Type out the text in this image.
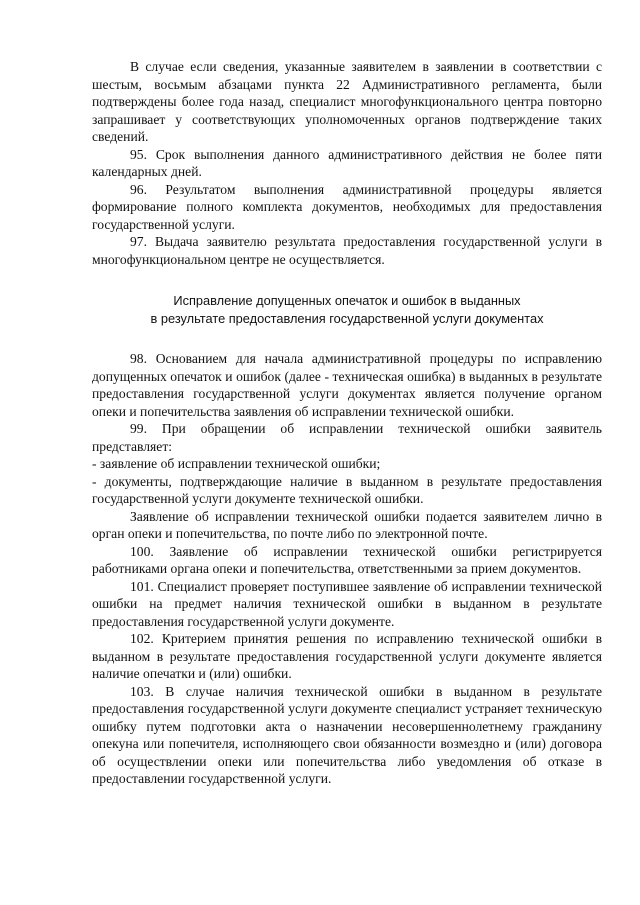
В случае если сведения, указанные заявителем в заявлении в соответствии с шестым, восьмым абзацами пункта 22 Административного регламента, были подтверждены более года назад, специалист многофункционального центра повторно запрашивает у соответствующих уполномоченных органов подтверждение таких сведений.

95. Срок выполнения данного административного действия не более пяти календарных дней.

96. Результатом выполнения административной процедуры является формирование полного комплекта документов, необходимых для предоставления государственной услуги.

97. Выдача заявителю результата предоставления государственной услуги в многофункциональном центре не осуществляется.

Исправление допущенных опечаток и ошибок в выданных
в результате предоставления государственной услуги документах

98. Основанием для начала административной процедуры по исправлению допущенных опечаток и ошибок (далее - техническая ошибка) в выданных в результате предоставления государственной услуги документах является получение органом опеки и попечительства заявления об исправлении технической ошибки.

99. При обращении об исправлении технической ошибки заявитель представляет:

- заявление об исправлении технической ошибки;

- документы, подтверждающие наличие в выданном в результате предоставления государственной услуги документе технической ошибки.

Заявление об исправлении технической ошибки подается заявителем лично в орган опеки и попечительства, по почте либо по электронной почте.

100. Заявление об исправлении технической ошибки регистрируется работниками органа опеки и попечительства, ответственными за прием документов.

101. Специалист проверяет поступившее заявление об исправлении технической ошибки на предмет наличия технической ошибки в выданном в результате предоставления государственной услуги документе.

102. Критерием принятия решения по исправлению технической ошибки в выданном в результате предоставления государственной услуги документе является наличие опечатки и (или) ошибки.

103. В случае наличия технической ошибки в выданном в результате предоставления государственной услуги документе специалист устраняет техническую ошибку путем подготовки акта о назначении несовершеннолетнему гражданину опекуна или попечителя, исполняющего свои обязанности возмездно и (или) договора об осуществлении опеки или попечительства либо уведомления об отказе в предоставлении государственной услуги.
